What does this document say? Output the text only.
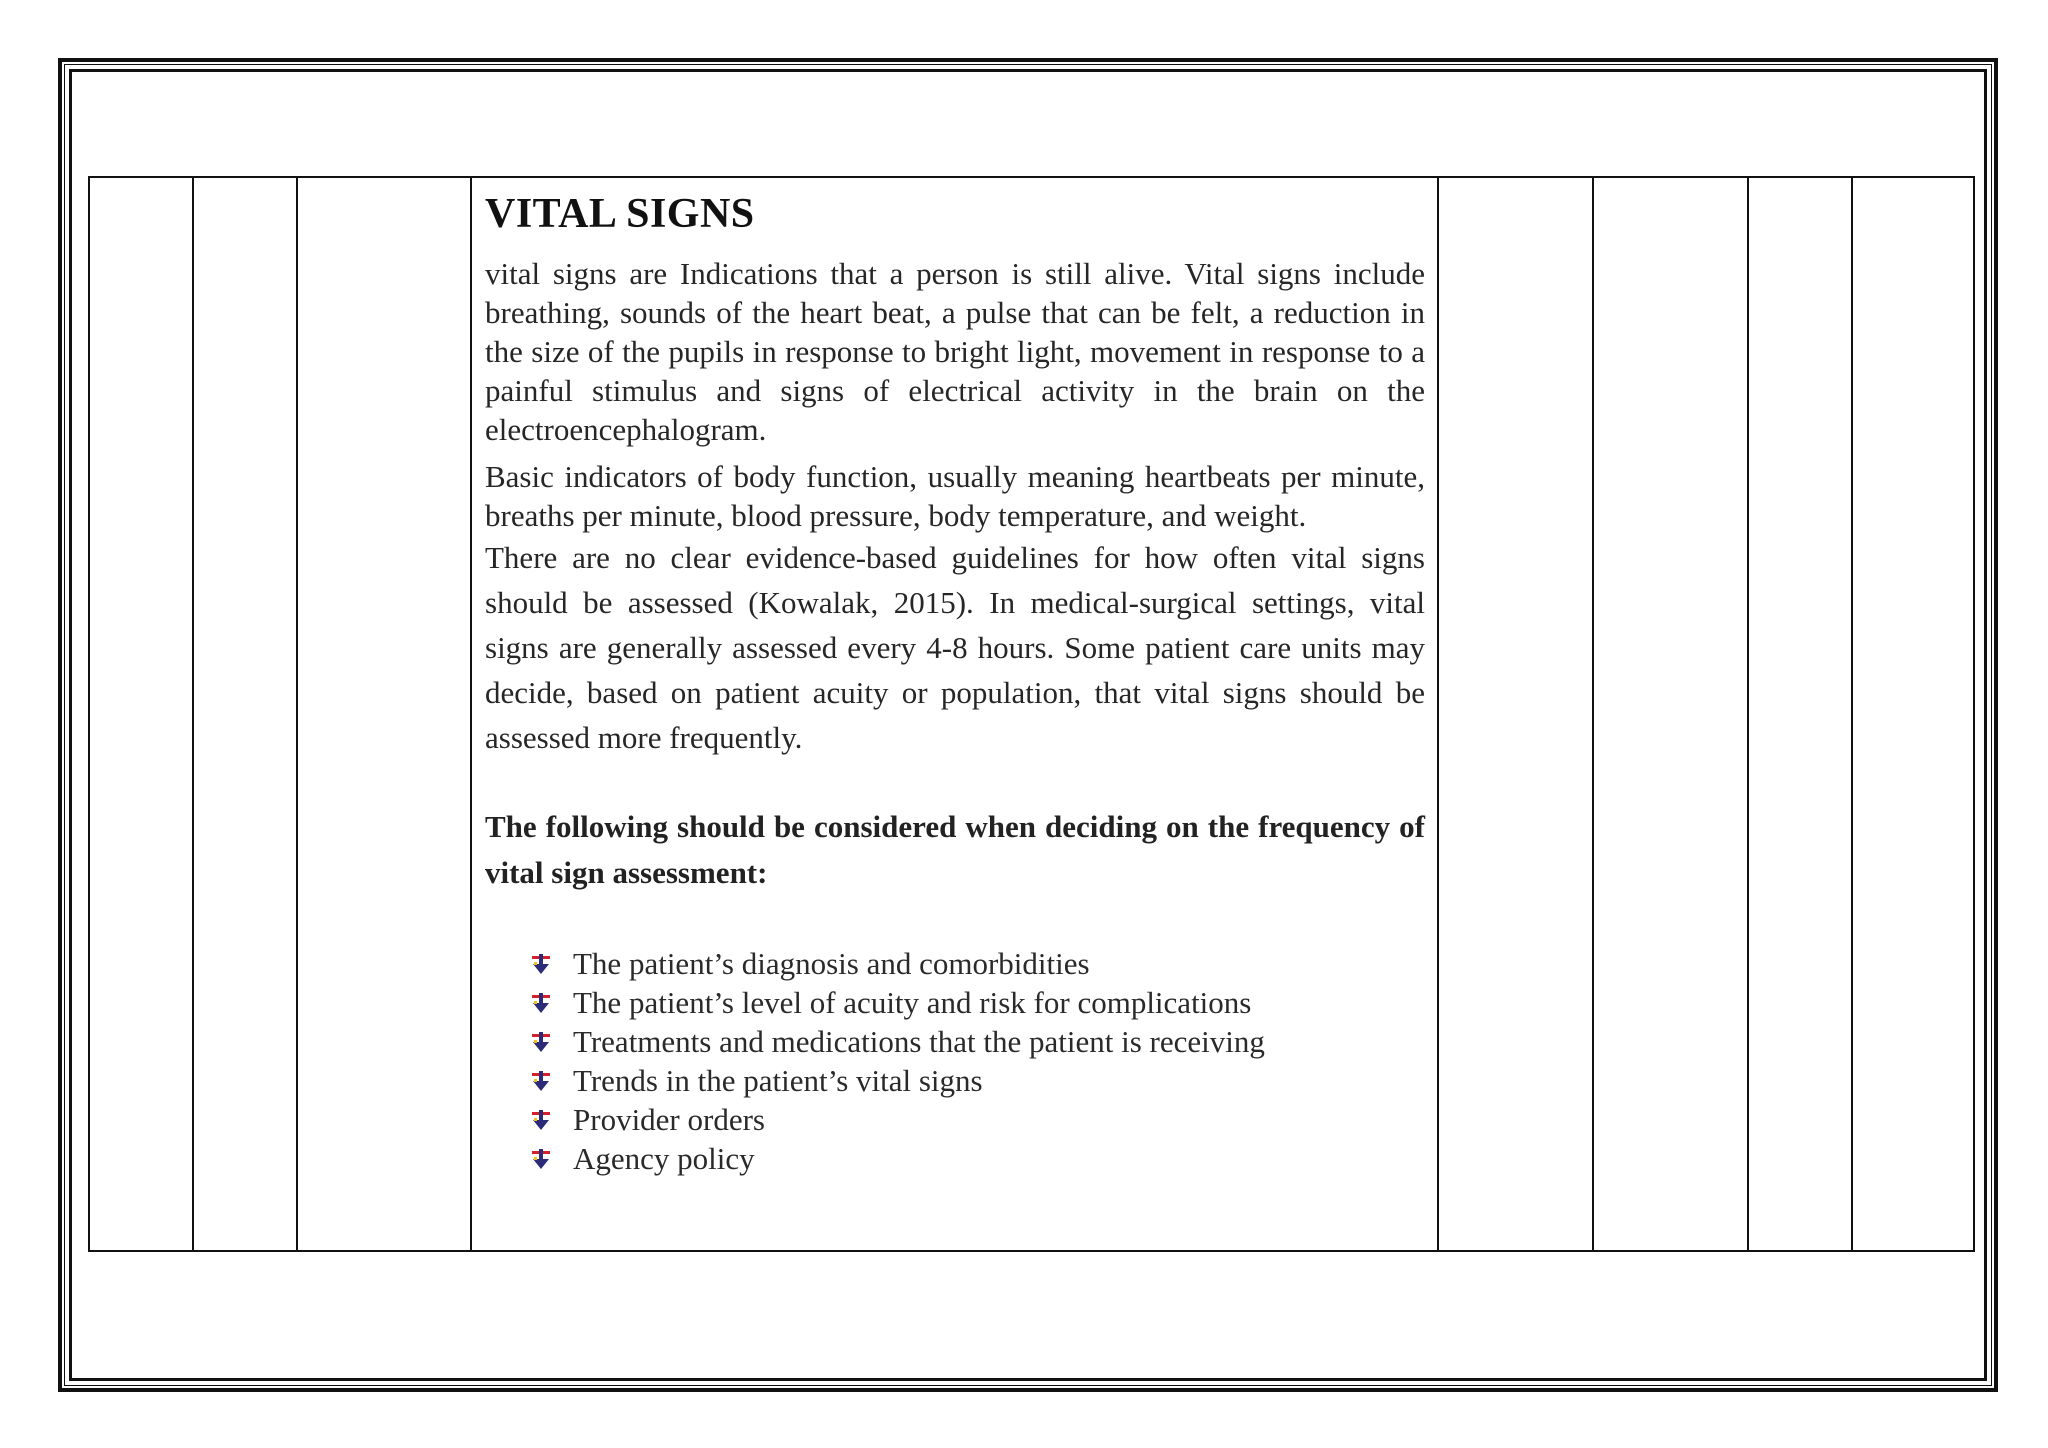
VITAL SIGNS

vital signs are Indications that a person is still alive. Vital signs include breathing, sounds of the heart beat, a pulse that can be felt, a reduction in the size of the pupils in response to bright light, movement in response to a painful stimulus and signs of electrical activity in the brain on the electroencephalogram.

Basic indicators of body function, usually meaning heartbeats per minute, breaths per minute, blood pressure, body temperature, and weight.

There are no clear evidence-based guidelines for how often vital signs should be assessed (Kowalak, 2015). In medical-surgical settings, vital signs are generally assessed every 4-8 hours. Some patient care units may decide, based on patient acuity or population, that vital signs should be assessed more frequently.

The following should be considered when deciding on the frequency of vital sign assessment:

The patient’s diagnosis and comorbidities
The patient’s level of acuity and risk for complications
Treatments and medications that the patient is receiving
Trends in the patient’s vital signs
Provider orders
Agency policy
